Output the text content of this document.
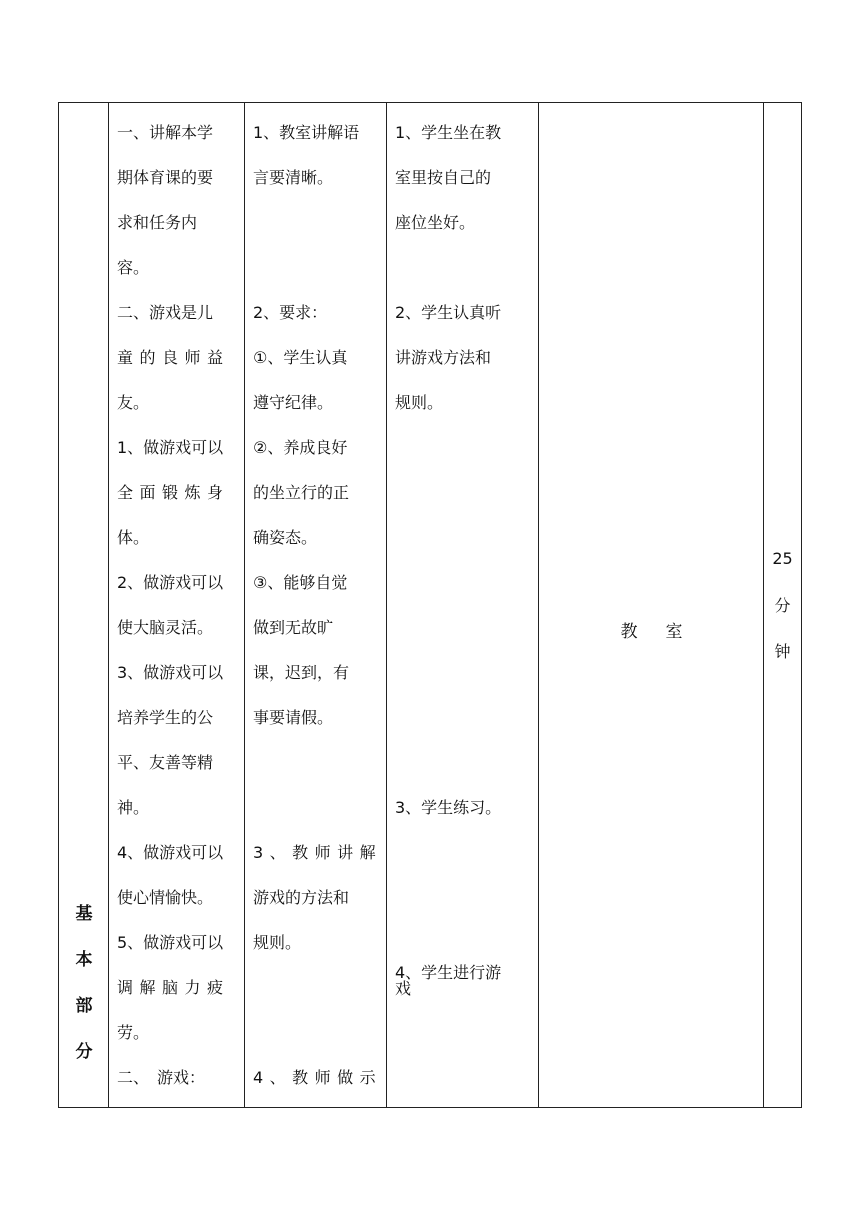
基
本
部
分
一、讲解本学
期体育课的要
求和任务内
容。
二、游戏是儿
童的良师益
友。
1、做游戏可以
全面锻炼身
体。
2、做游戏可以
使大脑灵活。
3、做游戏可以
培养学生的公
平、友善等精
神。
4、做游戏可以
使心情愉快。
5、做游戏可以
调解脑力疲
劳。
二、　游戏：
1、教室讲解语
言要清晰。
2、要求：
①、学生认真
遵守纪律。
②、养成良好
的坐立行的正
确姿态。
③、能够自觉
做到无故旷
课，迟到，有
事要请假。
3、教师讲解
游戏的方法和
规则。
4、教师做示
1、学生坐在教
室里按自己的
座位坐好。
2、学生认真听
讲游戏方法和
规则。
3、学生练习。
4、学生进行游
戏
教室
25
分
钟
